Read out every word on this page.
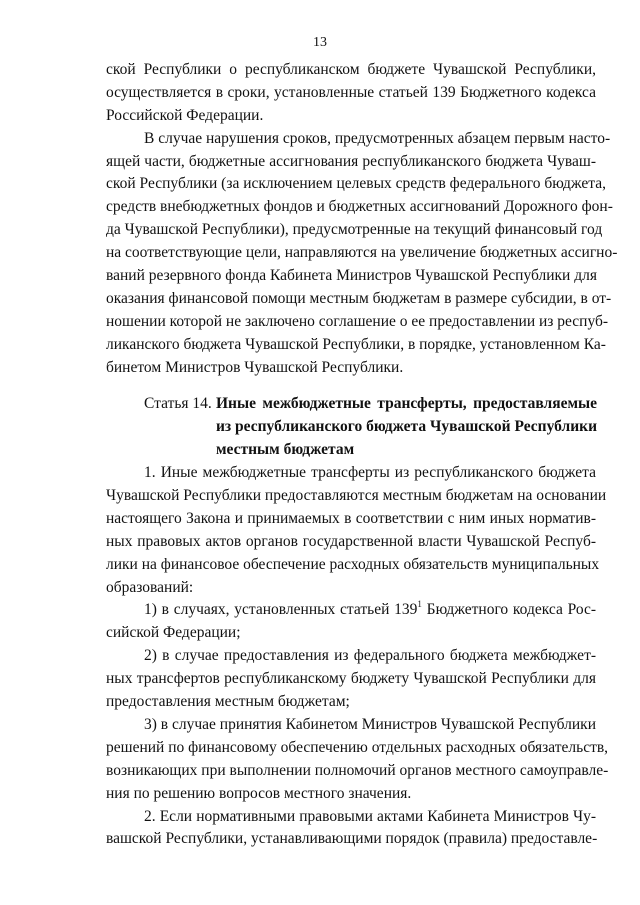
13
ской Республики о республиканском бюджете Чувашской Республики,
осуществляется в сроки, установленные статьей 139 Бюджетного кодекса
Российской Федерации.
В случае нарушения сроков, предусмотренных абзацем первым насто-
ящей части, бюджетные ассигнования республиканского бюджета Чуваш-
ской Республики (за исключением целевых средств федерального бюджета,
средств внебюджетных фондов и бюджетных ассигнований Дорожного фон-
да Чувашской Республики), предусмотренные на текущий финансовый год
на соответствующие цели, направляются на увеличение бюджетных ассигно-
ваний резервного фонда Кабинета Министров Чувашской Республики для
оказания финансовой помощи местным бюджетам в размере субсидии, в от-
ношении которой не заключено соглашение о ее предоставлении из респуб-
ликанского бюджета Чувашской Республики, в порядке, установленном Ка-
бинетом Министров Чувашской Республики.
Статья 14. Иные межбюджетные трансферты, предоставляемые
из республиканского бюджета Чувашской Республики
местным бюджетам
1. Иные межбюджетные трансферты из республиканского бюджета
Чувашской Республики предоставляются местным бюджетам на основании
настоящего Закона и принимаемых в соответствии с ним иных норматив-
ных правовых актов органов государственной власти Чувашской Респуб-
лики на финансовое обеспечение расходных обязательств муниципальных
образований:
1) в случаях, установленных статьей $139^1$ Бюджетного кодекса Рос-
сийской Федерации;
2) в случае предоставления из федерального бюджета межбюджет-
ных трансфертов республиканскому бюджету Чувашской Республики для
предоставления местным бюджетам;
3) в случае принятия Кабинетом Министров Чувашской Республики
решений по финансовому обеспечению отдельных расходных обязательств,
возникающих при выполнении полномочий органов местного самоуправле-
ния по решению вопросов местного значения.
2. Если нормативными правовыми актами Кабинета Министров Чу-
вашской Республики, устанавливающими порядок (правила) предоставле-
